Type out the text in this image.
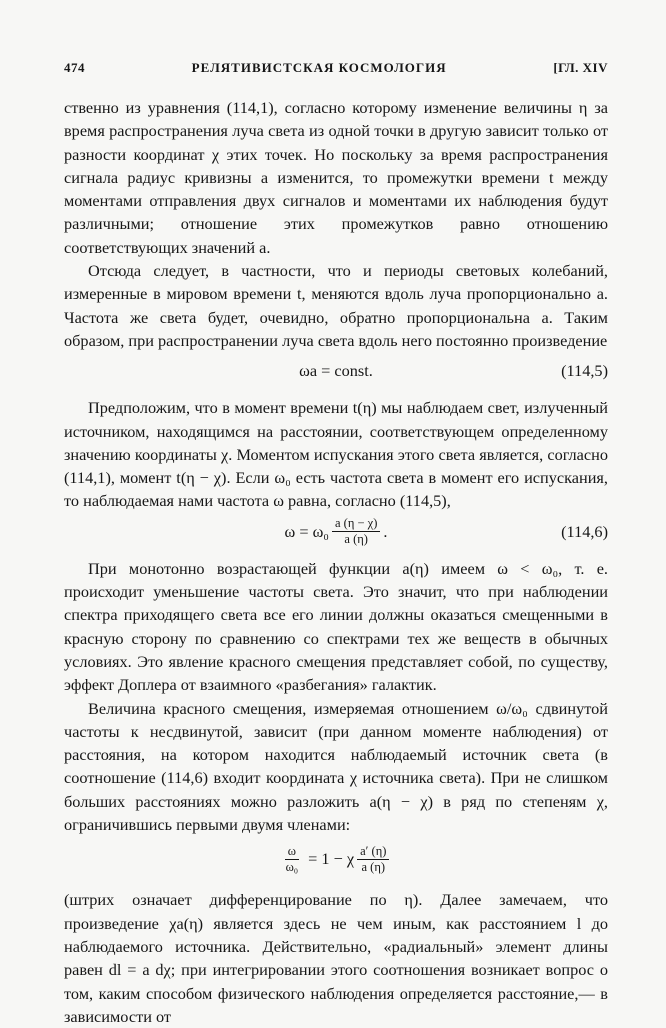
474	РЕЛЯТИВИСТСКАЯ КОСМОЛОГИЯ	[ГЛ. XIV

ственно из уравнения (114,1), согласно которому изменение величины η за время распространения луча света из одной точки в другую зависит только от разности координат χ этих точек. Но поскольку за время распространения сигнала радиус кривизны a изменится, то промежутки времени t между моментами отправления двух сигналов и моментами их наблюдения будут различными; отношение этих промежутков равно отношению соответствующих значений a.

Отсюда следует, в частности, что и периоды световых колебаний, измеренные в мировом времени t, меняются вдоль луча пропорционально a. Частота же света будет, очевидно, обратно пропорциональна a. Таким образом, при распространении луча света вдоль него постоянно произведение

ωa = const.	(114,5)

Предположим, что в момент времени t(η) мы наблюдаем свет, излученный источником, находящимся на расстоянии, соответствующем определенному значению координаты χ. Моментом испускания этого света является, согласно (114,1), момент t(η − χ). Если ω₀ есть частота света в момент его испускания, то наблюдаемая нами частота ω равна, согласно (114,5),

$\omega = \omega_0 \frac{a (\eta - \chi)}{a (\eta)}$ .	(114,6)

При монотонно возрастающей функции a(η) имеем ω < ω₀, т. е. происходит уменьшение частоты света. Это значит, что при наблюдении спектра приходящего света все его линии должны оказаться смещенными в красную сторону по сравнению со спектрами тех же веществ в обычных условиях. Это явление красного смещения представляет собой, по существу, эффект Доплера от взаимного «разбегания» галактик.

Величина красного смещения, измеряемая отношением ω/ω₀ сдвинутой частоты к несдвинутой, зависит (при данном моменте наблюдения) от расстояния, на котором находится наблюдаемый источник света (в соотношение (114,6) входит координата χ источника света). При не слишком больших расстояниях можно разложить a(η − χ) в ряд по степеням χ, ограничившись первыми двумя членами:

$\frac{\omega}{\text{ω₀}} = 1 - \chi \frac{a' (\eta)}{a (\eta)}$

(штрих означает дифференцирование по η). Далее замечаем, что произведение χa(η) является здесь не чем иным, как расстоянием l до наблюдаемого источника. Действительно, «радиальный» элемент длины равен dl = a dχ; при интегрировании этого соотношения возникает вопрос о том, каким способом физического наблюдения определяется расстояние,— в зависимости от
